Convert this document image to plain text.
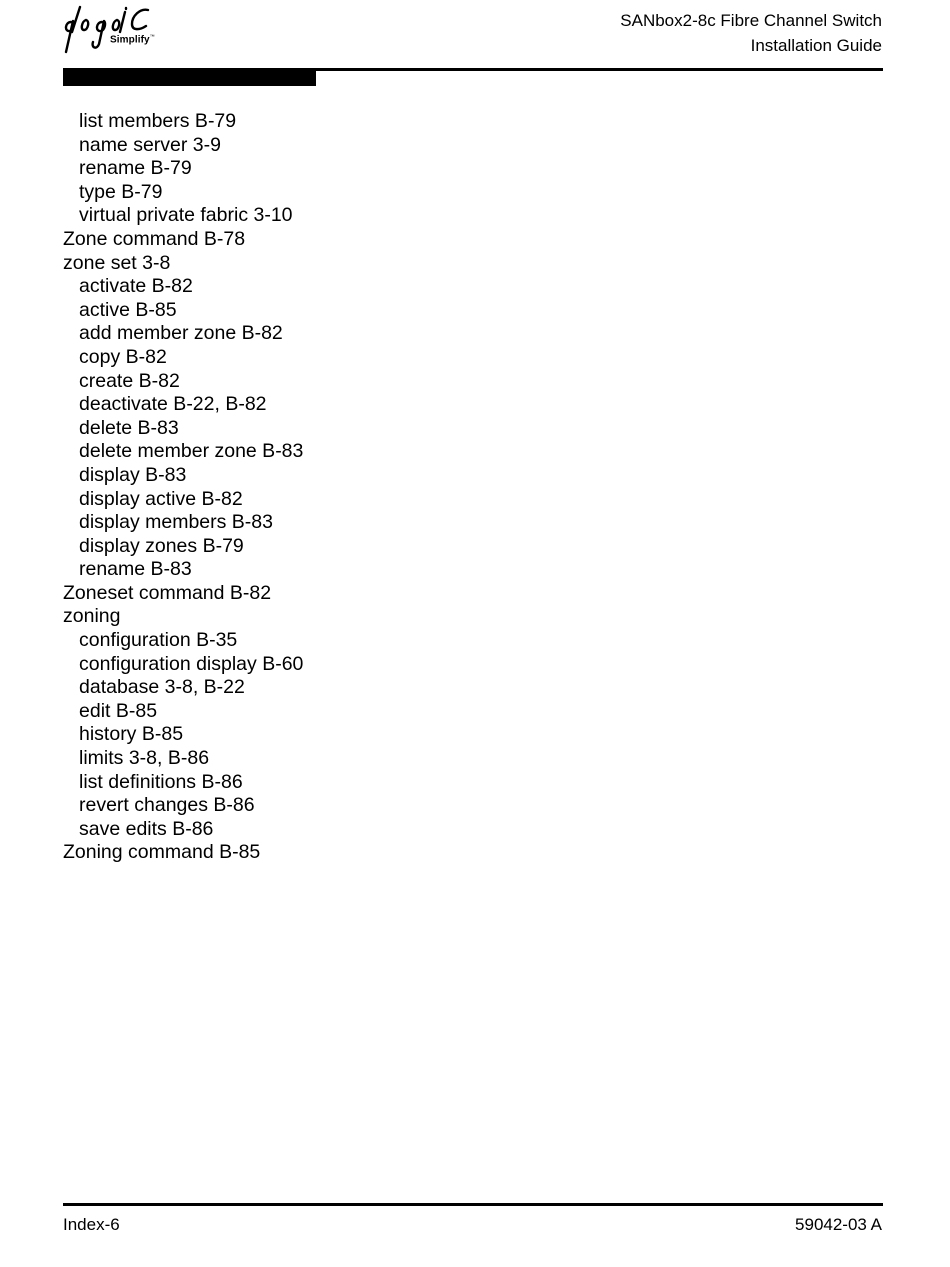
Simplify™
SANbox2-8c Fibre Channel Switch
Installation Guide
list members B-79
name server 3-9
rename B-79
type B-79
virtual private fabric 3-10
Zone command B-78
zone set 3-8
activate B-82
active B-85
add member zone B-82
copy B-82
create B-82
deactivate B-22, B-82
delete B-83
delete member zone B-83
display B-83
display active B-82
display members B-83
display zones B-79
rename B-83
Zoneset command B-82
zoning
configuration B-35
configuration display B-60
database 3-8, B-22
edit B-85
history B-85
limits 3-8, B-86
list definitions B-86
revert changes B-86
save edits B-86
Zoning command B-85
Index-6	59042-03 A
